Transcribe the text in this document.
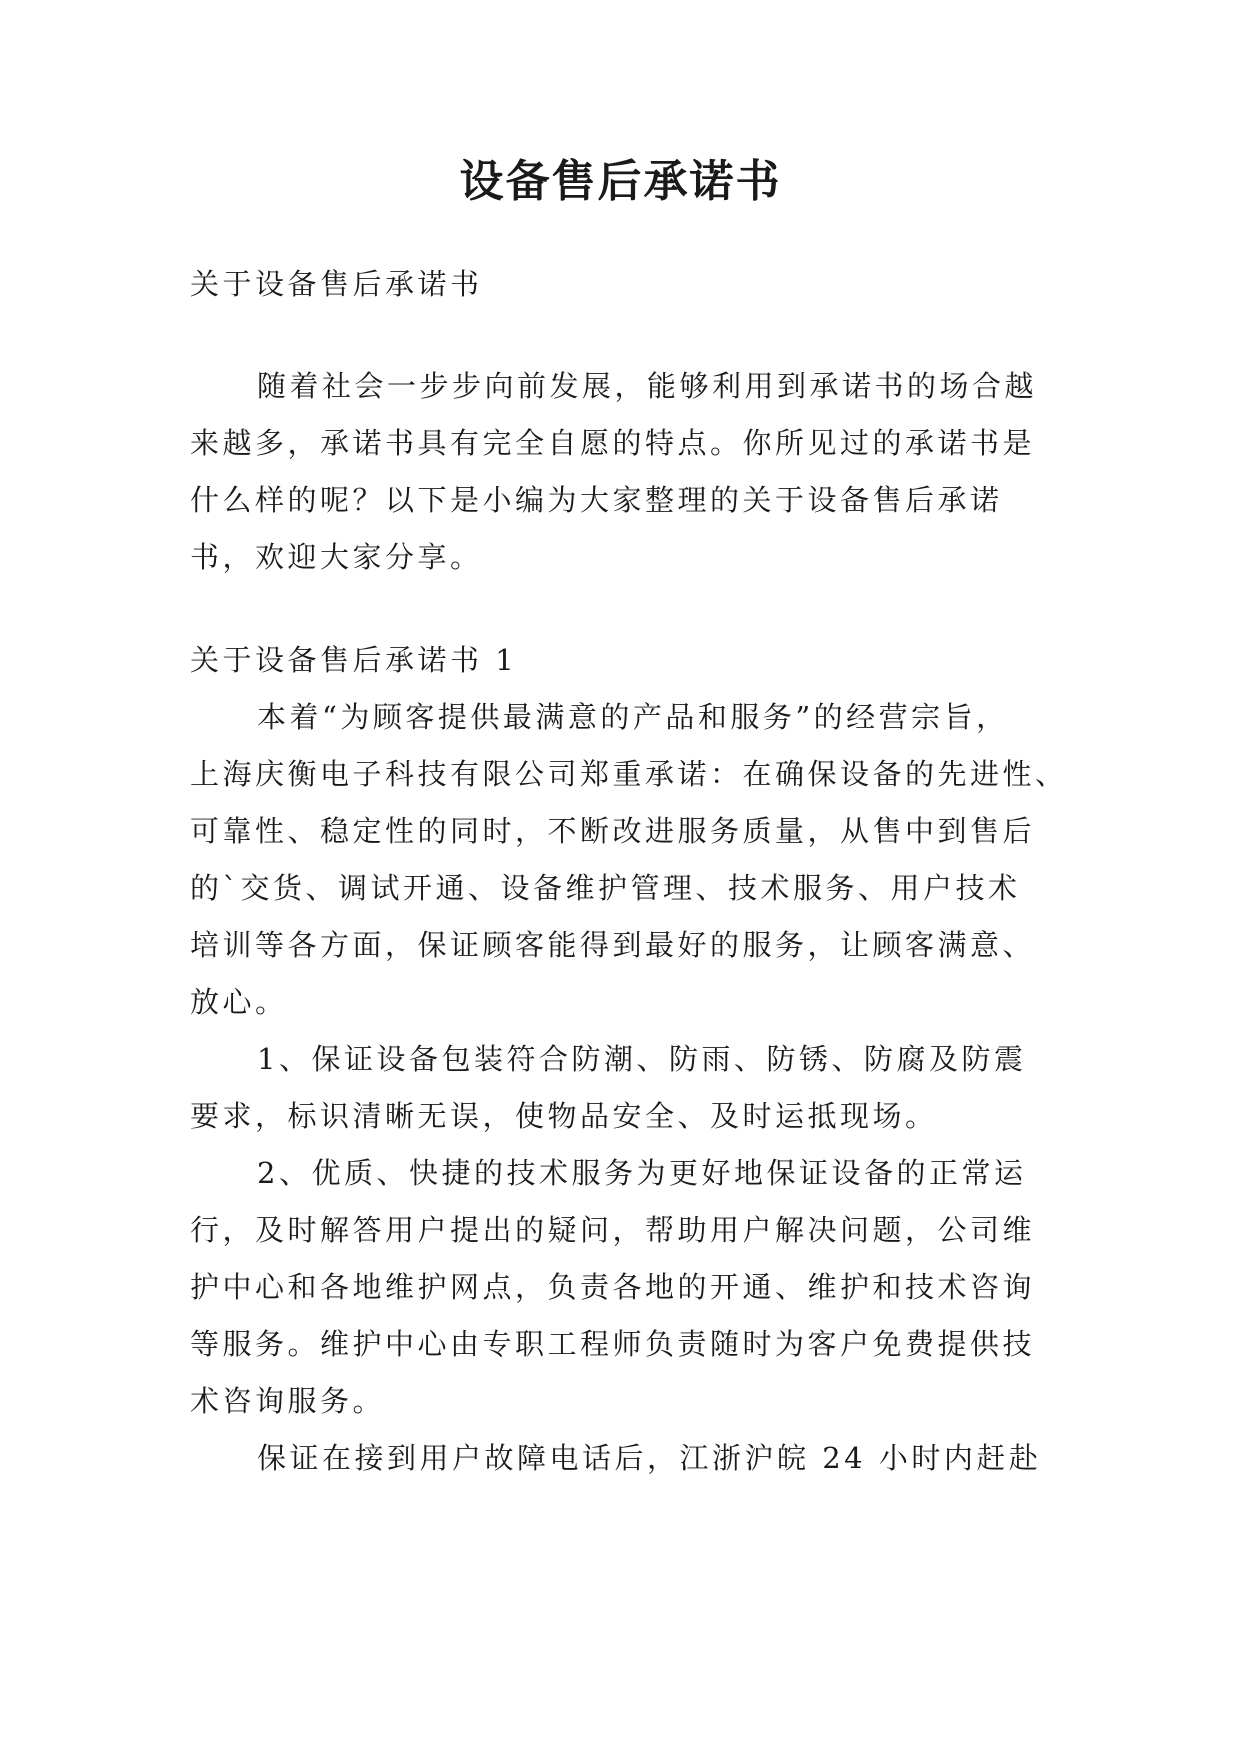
设备售后承诺书
关于设备售后承诺书
随着社会一步步向前发展，能够利用到承诺书的场合越
来越多，承诺书具有完全自愿的特点。你所见过的承诺书是
什么样的呢？以下是小编为大家整理的关于设备售后承诺
书，欢迎大家分享。
关于设备售后承诺书 1
本着“为顾客提供最满意的产品和服务”的经营宗旨，
上海庆衡电子科技有限公司郑重承诺：在确保设备的先进性、
可靠性、稳定性的同时，不断改进服务质量，从售中到售后
的`交货、调试开通、设备维护管理、技术服务、用户技术
培训等各方面，保证顾客能得到最好的服务，让顾客满意、
放心。
1、保证设备包装符合防潮、防雨、防锈、防腐及防震
要求，标识清晰无误，使物品安全、及时运抵现场。
2、优质、快捷的技术服务为更好地保证设备的正常运
行，及时解答用户提出的疑问，帮助用户解决问题，公司维
护中心和各地维护网点，负责各地的开通、维护和技术咨询
等服务。维护中心由专职工程师负责随时为客户免费提供技
术咨询服务。
保证在接到用户故障电话后，江浙沪皖 24 小时内赶赴
